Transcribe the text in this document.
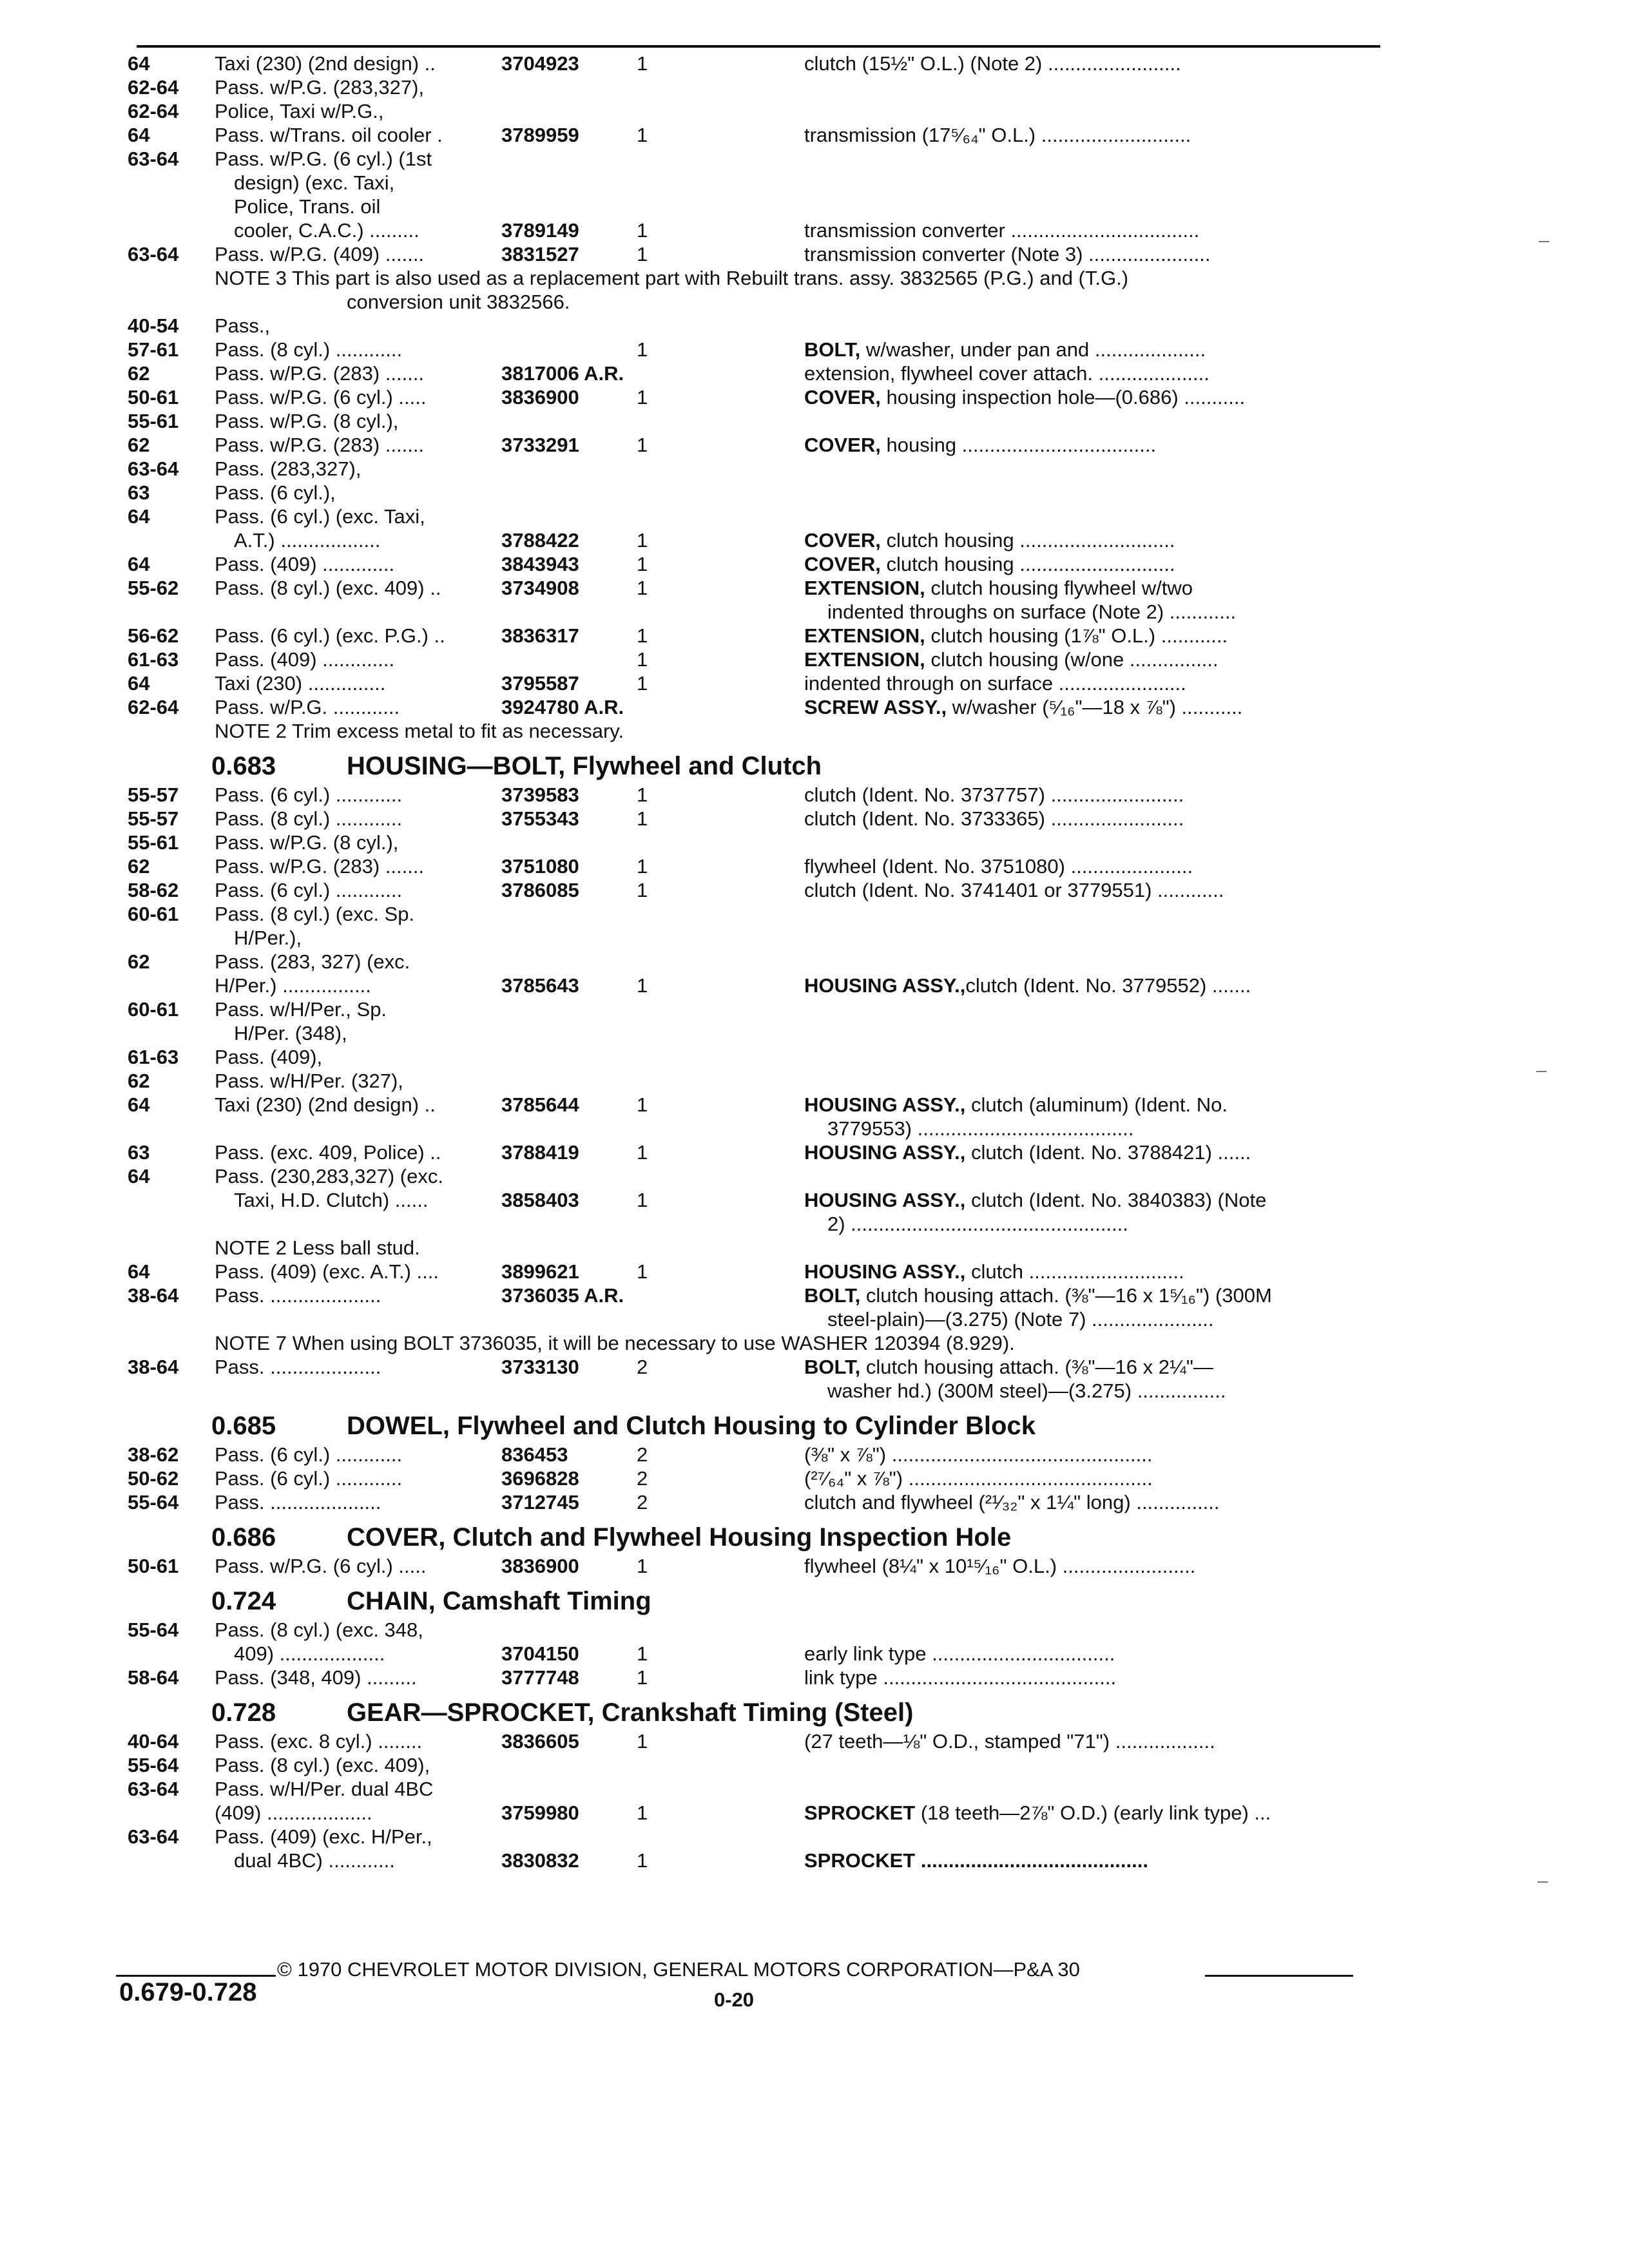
64	Taxi (230) (2nd design) ..	3704923	1	clutch (15½" O.L.) (Note 2) ........................
62-64	Pass. w/P.G. (283,327),
62-64	Police, Taxi w/P.G.,
64	Pass. w/Trans. oil cooler .	3789959	1	transmission (17⁵⁄₆₄" O.L.) ...........................
63-64	Pass. w/P.G. (6 cyl.) (1st
design) (exc. Taxi,
Police, Trans. oil
cooler, C.A.C.) .........	3789149	1	transmission converter ..................................
63-64	Pass. w/P.G. (409) .......	3831527	1	transmission converter (Note 3) ......................
NOTE 3 This part is also used as a replacement part with Rebuilt trans. assy. 3832565 (P.G.) and (T.G.)
conversion unit 3832566.
40-54	Pass.,
57-61	Pass. (8 cyl.) ............	1	BOLT, w/washer, under pan and ....................
62	Pass. w/P.G. (283) .......	3817006 A.R.	extension, flywheel cover attach. ....................
50-61	Pass. w/P.G. (6 cyl.) .....	3836900	1	COVER, housing inspection hole—(0.686) ...........
55-61	Pass. w/P.G. (8 cyl.),
62	Pass. w/P.G. (283) .......	3733291	1	COVER, housing ...................................
63-64	Pass. (283,327),
63	Pass. (6 cyl.),
64	Pass. (6 cyl.) (exc. Taxi,
A.T.) ..................	3788422	1	COVER, clutch housing ............................
64	Pass. (409) .............	3843943	1	COVER, clutch housing ............................
55-62	Pass. (8 cyl.) (exc. 409) ..	3734908	1	EXTENSION, clutch housing flywheel w/two
indented throughs on surface (Note 2) ............
56-62	Pass. (6 cyl.) (exc. P.G.) ..	3836317	1	EXTENSION, clutch housing (1⅞" O.L.) ............
61-63	Pass. (409) .............	1	EXTENSION, clutch housing (w/one ................
64	Taxi (230) ..............	3795587	1	indented through on surface .......................
62-64	Pass. w/P.G. ............	3924780 A.R.	SCREW ASSY., w/washer (⁵⁄₁₆"—18 x ⅞") ...........
NOTE 2 Trim excess metal to fit as necessary.
0.683	HOUSING—BOLT, Flywheel and Clutch
55-57	Pass. (6 cyl.) ............	3739583	1	clutch (Ident. No. 3737757) ........................
55-57	Pass. (8 cyl.) ............	3755343	1	clutch (Ident. No. 3733365) ........................
55-61	Pass. w/P.G. (8 cyl.),
62	Pass. w/P.G. (283) .......	3751080	1	flywheel (Ident. No. 3751080) ......................
58-62	Pass. (6 cyl.) ............	3786085	1	clutch (Ident. No. 3741401 or 3779551) ............
60-61	Pass. (8 cyl.) (exc. Sp.
H/Per.),
62	Pass. (283, 327) (exc.
H/Per.) ................	3785643	1	HOUSING ASSY.,clutch (Ident. No. 3779552) .......
60-61	Pass. w/H/Per., Sp.
H/Per. (348),
61-63	Pass. (409),
62	Pass. w/H/Per. (327),
64	Taxi (230) (2nd design) ..	3785644	1	HOUSING ASSY., clutch (aluminum) (Ident. No.
3779553) .......................................
63	Pass. (exc. 409, Police) ..	3788419	1	HOUSING ASSY., clutch (Ident. No. 3788421) ......
64	Pass. (230,283,327) (exc.
Taxi, H.D. Clutch) ......	3858403	1	HOUSING ASSY., clutch (Ident. No. 3840383) (Note
2) ..................................................
NOTE 2 Less ball stud.
64	Pass. (409) (exc. A.T.) ....	3899621	1	HOUSING ASSY., clutch ............................
38-64	Pass. ....................	3736035 A.R.	BOLT, clutch housing attach. (⅜"—16 x 1⁵⁄₁₆") (300M
steel-plain)—(3.275) (Note 7) ......................
NOTE 7 When using BOLT 3736035, it will be necessary to use WASHER 120394 (8.929).
38-64	Pass. ....................	3733130	2	BOLT, clutch housing attach. (⅜"—16 x 2¼"—
washer hd.) (300M steel)—(3.275) ................
0.685	DOWEL, Flywheel and Clutch Housing to Cylinder Block
38-62	Pass. (6 cyl.) ............	836453	2	(⅜" x ⅞") ...............................................
50-62	Pass. (6 cyl.) ............	3696828	2	(²⁷⁄₆₄" x ⅞") ............................................
55-64	Pass. ....................	3712745	2	clutch and flywheel (²¹⁄₃₂" x 1¼" long) ...............
0.686	COVER, Clutch and Flywheel Housing Inspection Hole
50-61	Pass. w/P.G. (6 cyl.) .....	3836900	1	flywheel (8¼" x 10¹⁵⁄₁₆" O.L.) ........................
0.724	CHAIN, Camshaft Timing
55-64	Pass. (8 cyl.) (exc. 348,
409) ...................	3704150	1	early link type .................................
58-64	Pass. (348, 409) .........	3777748	1	link type ..........................................
0.728	GEAR—SPROCKET, Crankshaft Timing (Steel)
40-64	Pass. (exc. 8 cyl.) ........	3836605	1	(27 teeth—⅛" O.D., stamped "71") ..................
55-64	Pass. (8 cyl.) (exc. 409),
63-64	Pass. w/H/Per. dual 4BC
(409) ...................	3759980	1	SPROCKET (18 teeth—2⅞" O.D.) (early link type) ...
63-64	Pass. (409) (exc. H/Per.,
dual 4BC) ............	3830832	1	SPROCKET .........................................
© 1970 CHEVROLET MOTOR DIVISION, GENERAL MOTORS CORPORATION—P&A 30
0.679-0.728	0-20
